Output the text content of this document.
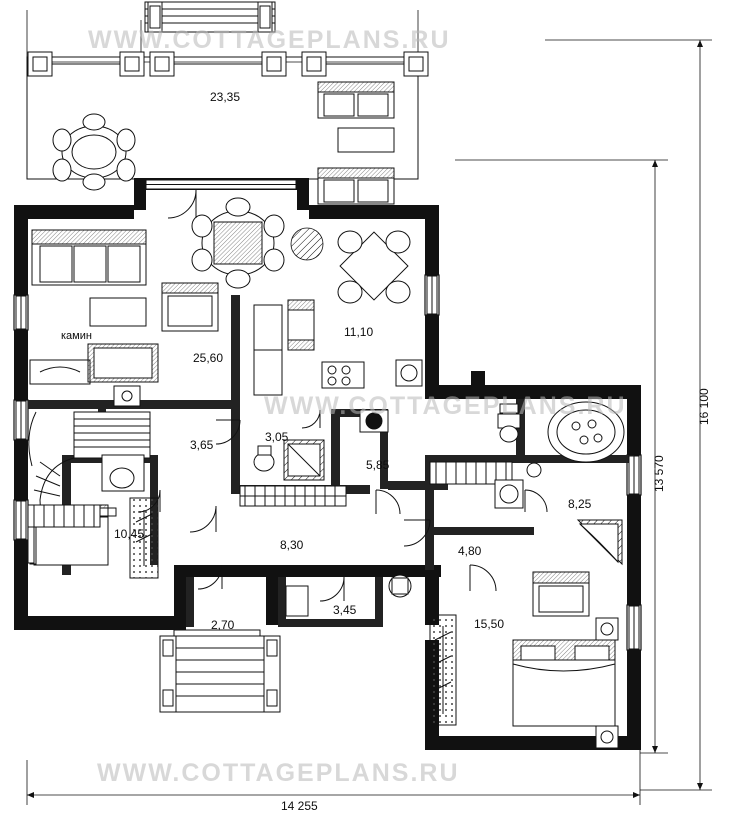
WWW.COTTAGEPLANS.RU
WWW.COTTAGEPLANS.RU
WWW.COTTAGEPLANS.RU
23,35
14 255
16 100
13 570
25,60
11,10
камин
3,65
3,05
5,85
8,25
8,30	4,80
10,45
2,70
3,45
15,50
